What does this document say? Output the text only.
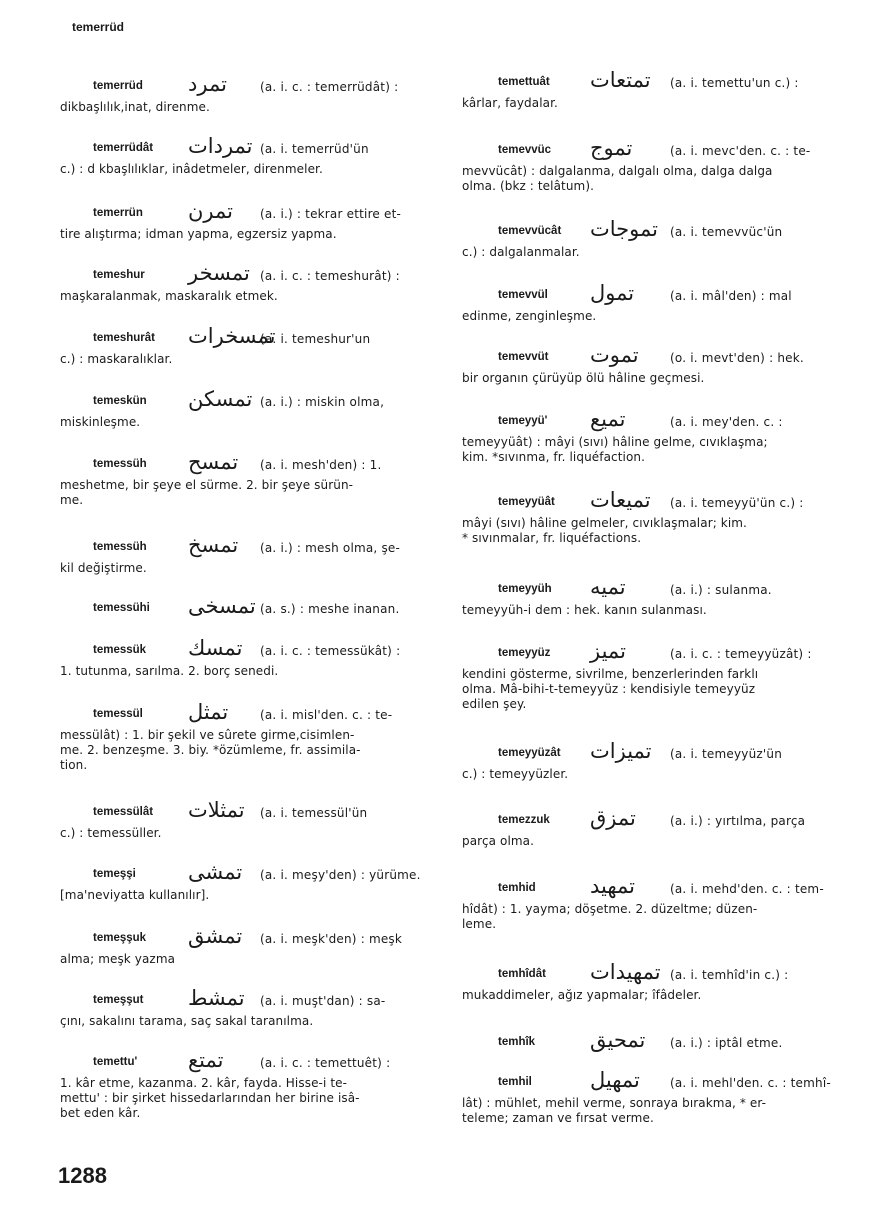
temerrüd
temerrüd تمرد	(a. i. c. : temerrüdât) :
dikbaşlılık,inat, direnme.
temerrüdât تمردات (a. i. temerrüd'ün
c.) : d kbaşlılıklar, inâdetmeler, direnmeler.
temerrün تمرن (a. i.) : tekrar ettire et-
tire alıştırma; idman yapma, egzersiz yapma.
temeshur تمسخر (a. i. c. : temeshurât) :
maşkaralanmak, maskaralık etmek.
temeshurât تمسخرات
(a. i. temeshur'un
c.) : maskaralıklar.
temeskün تمسكن (a. i.) : miskin olma,
miskinleşme.
temessüh تمسح (a. i. mesh'den) : 1.
meshetme, bir şeye el sürme. 2. bir şeye sürün-
me.
temessüh تمسخ (a. i.) : mesh olma, şe-
kil değiştirme.
temessühi تمسخى (a. s.) : meshe inanan.
temessük تمسك (a. i. c. : temessükât) :
1. tutunma, sarılma. 2. borç senedi.
temessül تمثل	(a. i. misl'den. c. : te-
messülât) : 1. bir şekil ve sûrete girme,cisimlen-
me. 2. benzeşme. 3. biy. *özümleme, fr. assimila-
tion.
temessülât تمثلات (a. i. temessül'ün
c.) : temessüller.
temeşşi تمشى (a. i. meşy'den) : yürüme.
[ma'neviyatta kullanılır].
temeşşuk تمشق (a. i. meşk'den) : meşk
alma; meşk yazma
temeşşut تمشط (a. i. muşt'dan) : sa-
çını, sakalını tarama, saç sakal taranılma.
temettu' تمتع	(a. i. c. : temettuêt) :
1. kâr etme, kazanma. 2. kâr, fayda. Hisse-i te-
mettu' : bir şirket hissedarlarından her birine isâ-
bet eden kâr.
temettuât تمتعات (a. i. temettu'un c.) :
kârlar, faydalar.
temevvüc تموج	(a. i. mevc'den. c. : te-
mevvücât) : dalgalanma, dalgalı olma, dalga dalga
olma. (bkz : telâtum).
temevvücât تموجات (a. i. temevvüc'ün
c.) : dalgalanmalar.
temevvül تمول	(a. i. mâl'den) : mal
edinme, zenginleşme.
temevvüt تموت	(o. i. mevt'den) : hek.
bir organın çürüyüp ölü hâline geçmesi.
temeyyü' تميع	(a. i. mey'den. c. :
temeyyüât) : mâyi (sıvı) hâline gelme, cıvıklaşma;
kim. *sıvınma, fr. liquéfaction.
temeyyüât تميعات (a. i. temeyyü'ün c.) :
mâyi (sıvı) hâline gelmeler, cıvıklaşmalar; kim.
* sıvınmalar, fr. liquéfactions.
temeyyüh تميه	(a. i.) : sulanma.
temeyyüh-i dem : hek. kanın sulanması.
temeyyüz تميز	(a. i. c. : temeyyüzât) :
kendini gösterme, sivrilme, benzerlerinden farklı
olma. Mâ-bihi-t-temeyyüz : kendisiyle temeyyüz
edilen şey.
temeyyüzât تميزات (a. i. temeyyüz'ün
c.) : temeyyüzler.
temezzuk تمزق	(a. i.) : yırtılma, parça
parça olma.
temhid	تمهيد	(a. i. mehd'den. c. : tem-
hîdât) : 1. yayma; döşetme. 2. düzeltme; düzen-
leme.
temhîdât تمهيدات (a. i. temhîd'in c.) :
mukaddimeler, ağız yapmalar; îfâdeler.
temhîk	تمحيق (a. i.) : iptâl etme.
temhil	تمهيل	(a. i. mehl'den. c. : temhî-
lât) : mühlet, mehil verme, sonraya bırakma, * er-
telеme; zaman ve fırsat verme.
1288
